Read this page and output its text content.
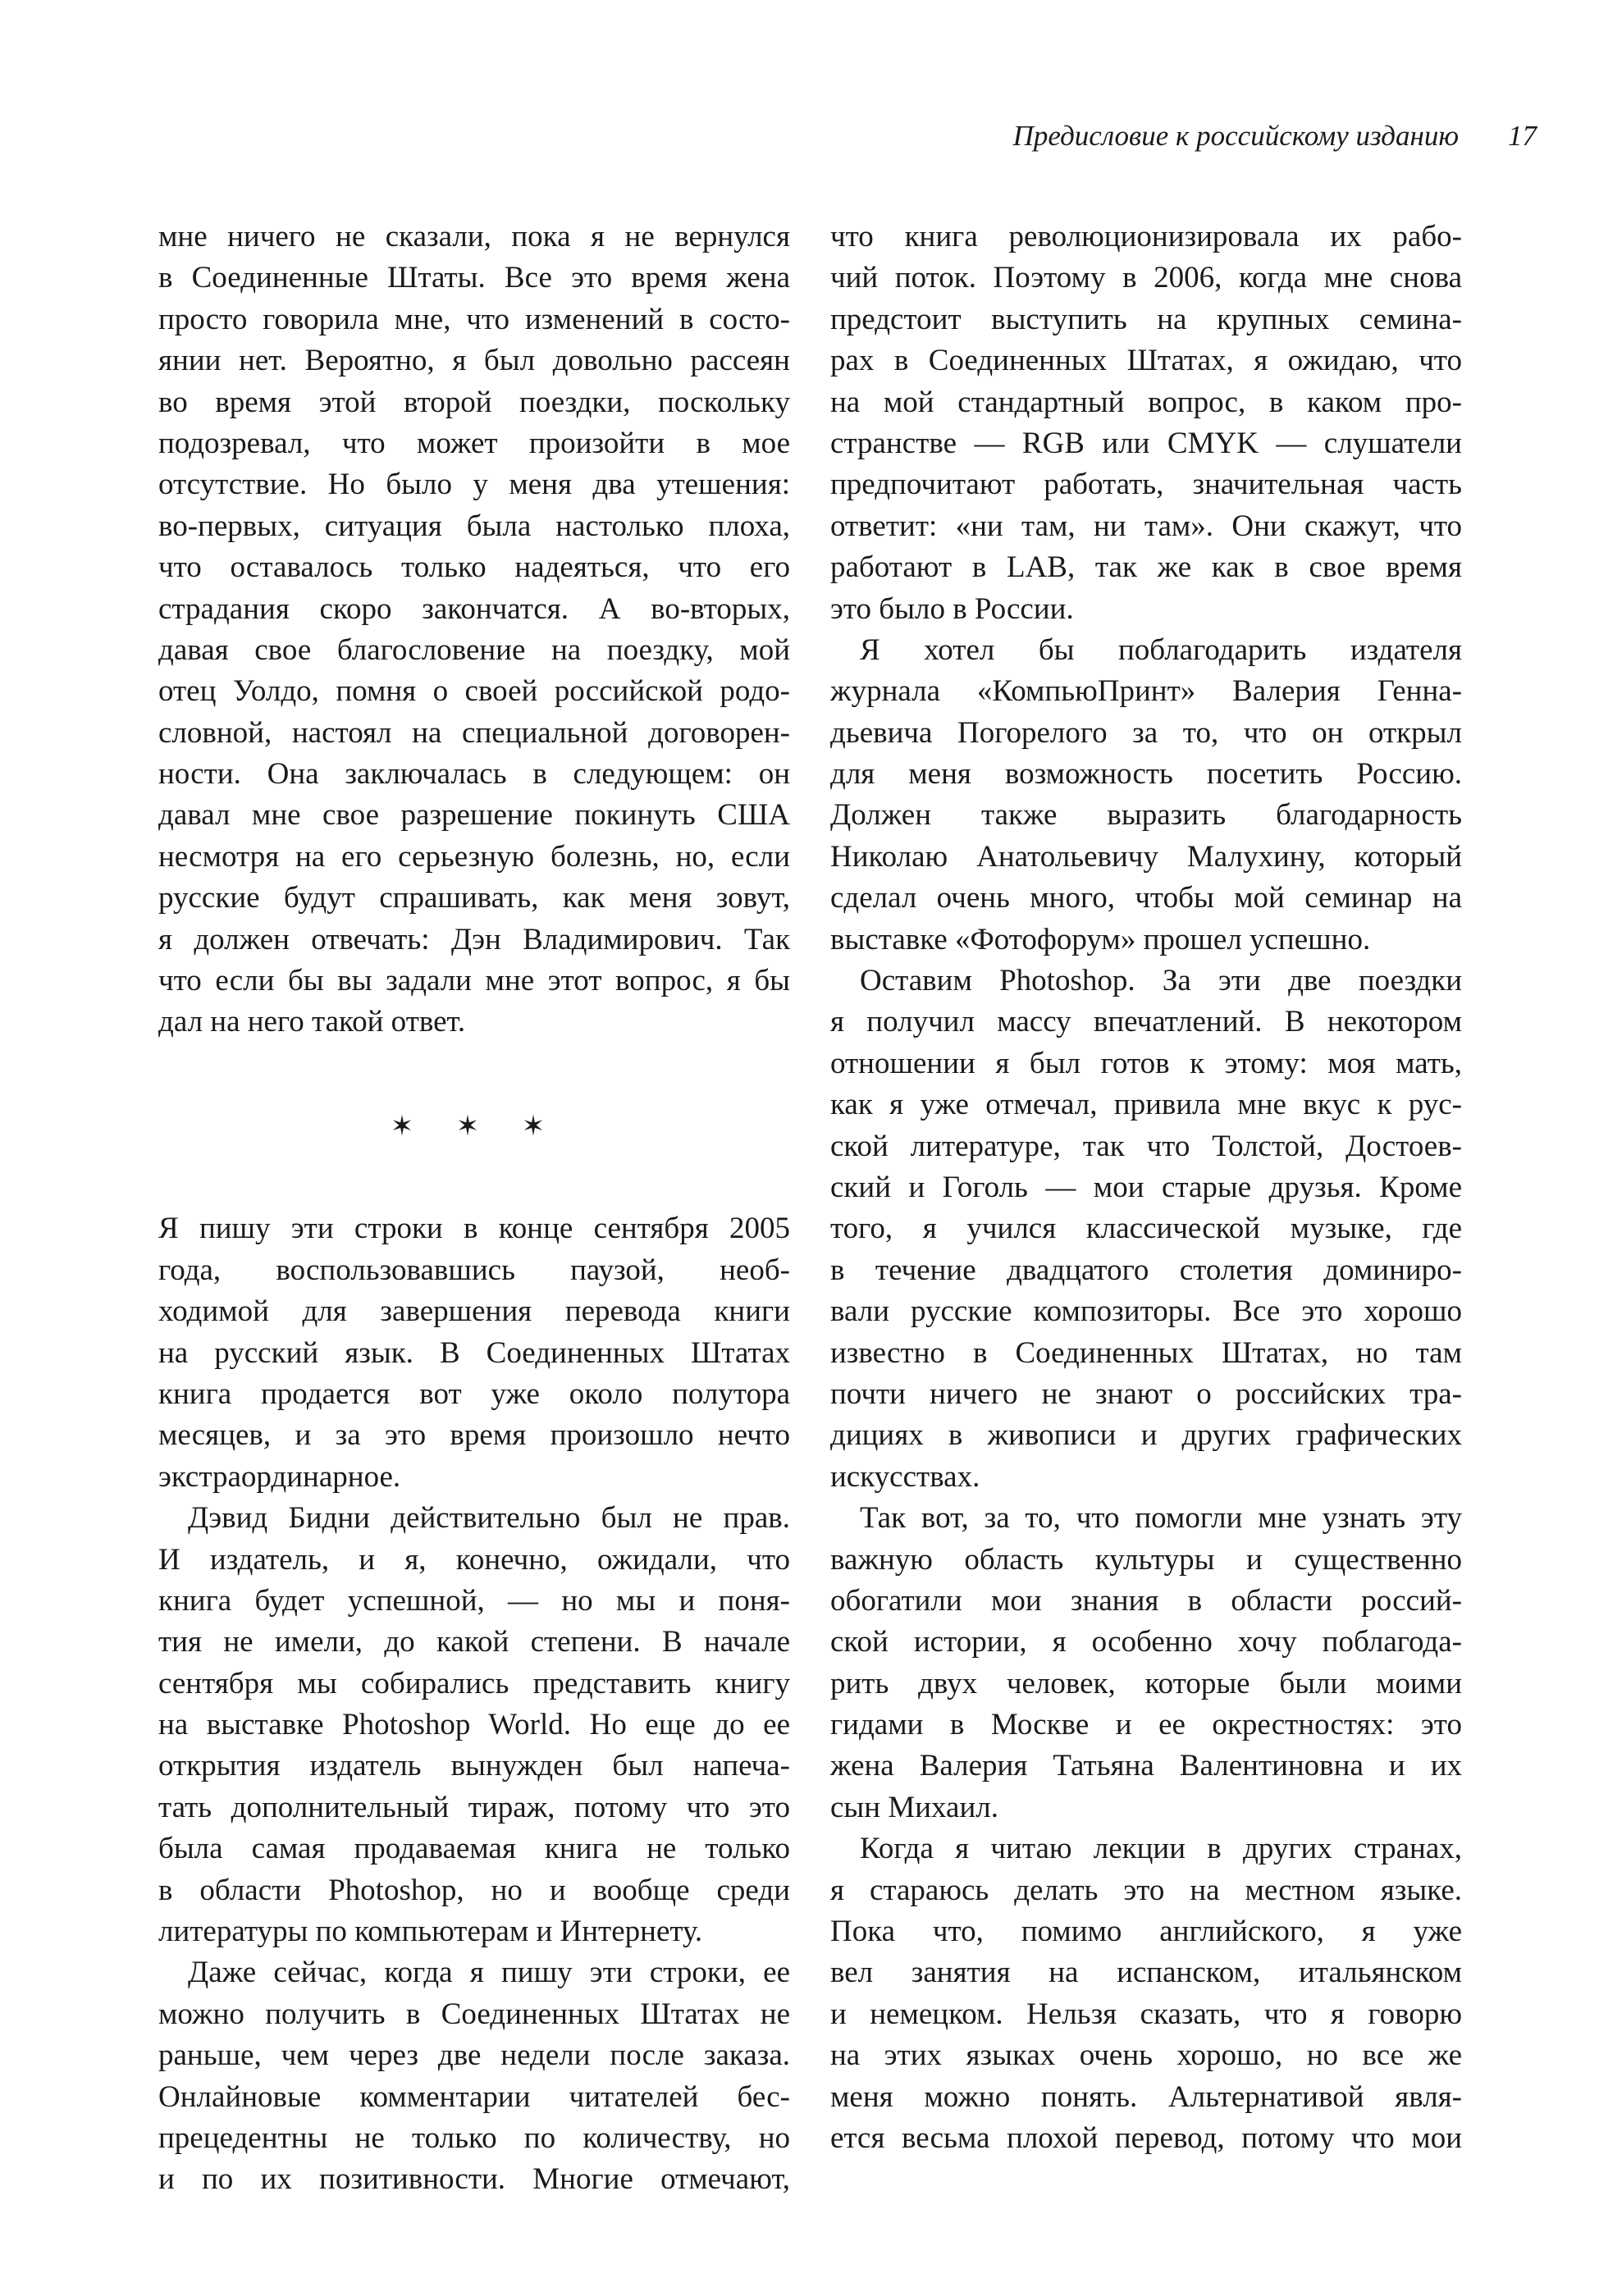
Предисловие к российскому изданию 17
мне ничего не сказали, пока я не вернулся
в Соединенные Штаты. Все это время жена
просто говорила мне, что изменений в состо-
янии нет. Вероятно, я был довольно рассеян
во время этой второй поездки, поскольку
подозревал, что может произойти в мое
отсутствие. Но было у меня два утешения:
во-первых, ситуация была настолько плоха,
что оставалось только надеяться, что его
страдания скоро закончатся. А во-вторых,
давая свое благословение на поездку, мой
отец Уолдо, помня о своей российской родо-
словной, настоял на специальной договорен-
ности. Она заключалась в следующем: он
давал мне свое разрешение покинуть США
несмотря на его серьезную болезнь, но, если
русские будут спрашивать, как меня зовут,
я должен отвечать: Дэн Владимирович. Так
что если бы вы задали мне этот вопрос, я бы
дал на него такой ответ.
✶ ✶ ✶
Я пишу эти строки в конце сентября 2005
года, воспользовавшись паузой, необ-
ходимой для завершения перевода книги
на русский язык. В Соединенных Штатах
книга продается вот уже около полутора
месяцев, и за это время произошло нечто
экстраординарное.
Дэвид Бидни действительно был не прав.
И издатель, и я, конечно, ожидали, что
книга будет успешной, — но мы и поня-
тия не имели, до какой степени. В начале
сентября мы собирались представить книгу
на выставке Photoshop World. Но еще до ее
открытия издатель вынужден был напеча-
тать дополнительный тираж, потому что это
была самая продаваемая книга не только
в области Photoshop, но и вообще среди
литературы по компьютерам и Интернету.
Даже сейчас, когда я пишу эти строки, ее
можно получить в Соединенных Штатах не
раньше, чем через две недели после заказа.
Онлайновые комментарии читателей бес-
прецедентны не только по количеству, но
и по их позитивности. Многие отмечают,
что книга революционизировала их рабо-
чий поток. Поэтому в 2006, когда мне снова
предстоит выступить на крупных семина-
рах в Соединенных Штатах, я ожидаю, что
на мой стандартный вопрос, в каком про-
странстве — RGB или CMYK — слушатели
предпочитают работать, значительная часть
ответит: «ни там, ни там». Они скажут, что
работают в LAB, так же как в свое время
это было в России.
Я хотел бы поблагодарить издателя
журнала «КомпьюПринт» Валерия Генна-
дьевича Погорелого за то, что он открыл
для меня возможность посетить Россию.
Должен также выразить благодарность
Николаю Анатольевичу Малухину, который
сделал очень много, чтобы мой семинар на
выставке «Фотофорум» прошел успешно.
Оставим Photoshop. За эти две поездки
я получил массу впечатлений. В некотором
отношении я был готов к этому: моя мать,
как я уже отмечал, привила мне вкус к рус-
ской литературе, так что Толстой, Достоев-
ский и Гоголь — мои старые друзья. Кроме
того, я учился классической музыке, где
в течение двадцатого столетия доминиро-
вали русские композиторы. Все это хорошо
известно в Соединенных Штатах, но там
почти ничего не знают о российских тра-
дициях в живописи и других графических
искусствах.
Так вот, за то, что помогли мне узнать эту
важную область культуры и существенно
обогатили мои знания в области россий-
ской истории, я особенно хочу поблагода-
рить двух человек, которые были моими
гидами в Москве и ее окрестностях: это
жена Валерия Татьяна Валентиновна и их
сын Михаил.
Когда я читаю лекции в других странах,
я стараюсь делать это на местном языке.
Пока что, помимо английского, я уже
вел занятия на испанском, итальянском
и немецком. Нельзя сказать, что я говорю
на этих языках очень хорошо, но все же
меня можно понять. Альтернативой явля-
ется весьма плохой перевод, потому что мои
